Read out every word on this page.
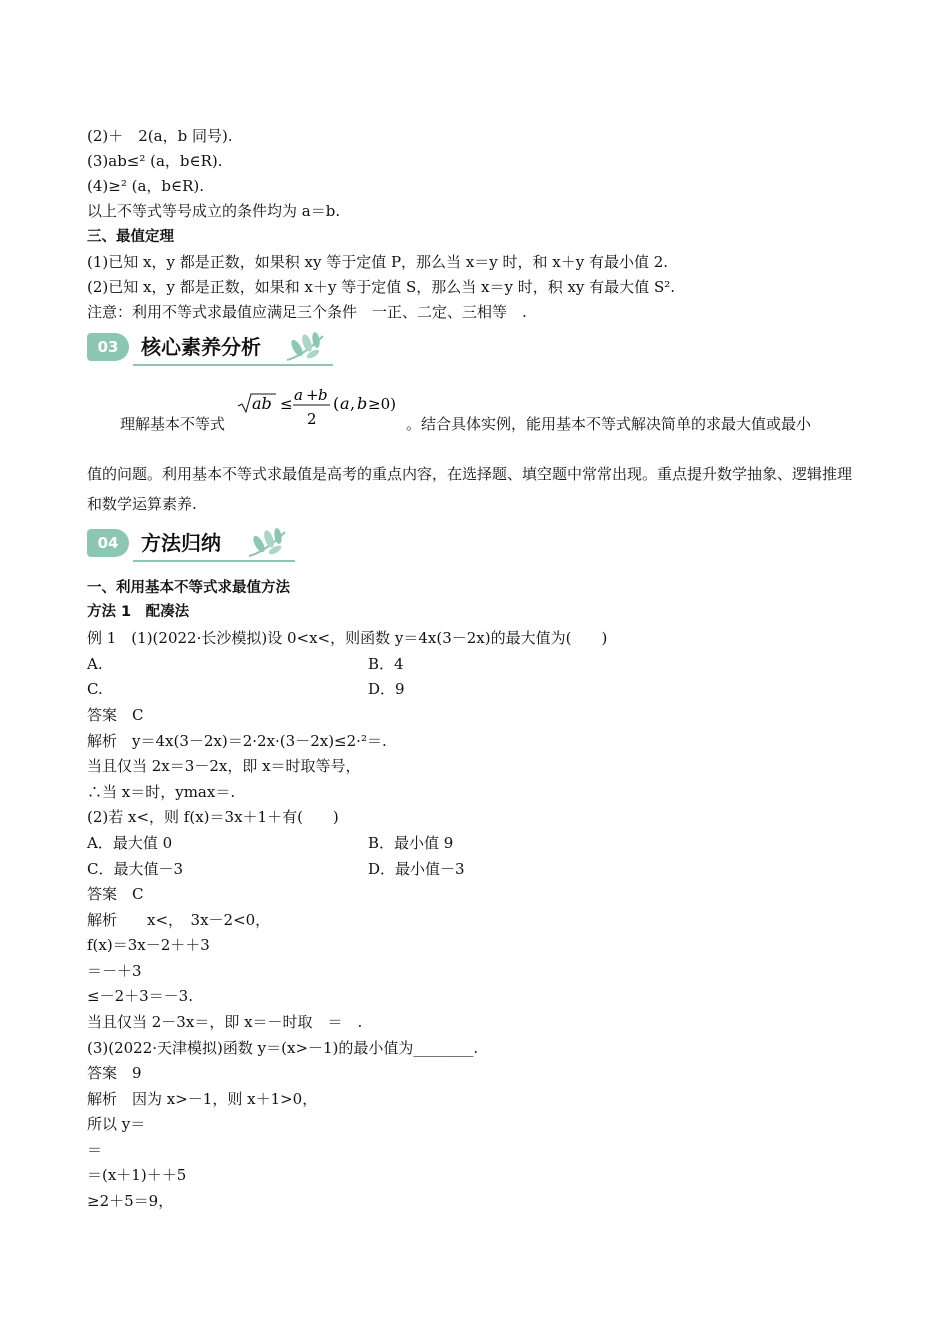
(2)＋　2(a，b 同号).
(3)ab≤² (a，b∈R).
(4)≥² (a，b∈R).
以上不等式等号成立的条件均为 a＝b.
三、最值定理
(1)已知 x，y 都是正数，如果积 xy 等于定值 P，那么当 x＝y 时，和 x＋y 有最小值 2.
(2)已知 x，y 都是正数，如果和 x＋y 等于定值 S，那么当 x＝y 时，积 xy 有最大值 S².
注意：利用不等式求最值应满足三个条件　一正、二定、三相等　.
03	核心素养分析
理解基本不等式
ab ≤ a + b
2
( a , b ≥0)
。结合具体实例，能用基本不等式解决简单的求最大值或最小
值的问题。利用基本不等式求最值是高考的重点内容，在选择题、填空题中常常出现。重点提升数学抽象、逻辑推理和数学运算素养.
04	方法归纳
一、利用基本不等式求最值方法
方法 1　配凑法
例 1　(1)(2022·长沙模拟)设 0<x<，则函数 y＝4x(3－2x)的最大值为(　　)
A.	B．4
C.	D．9
答案　C
解析　y＝4x(3－2x)＝2·2x·(3－2x)≤2·²＝.
当且仅当 2x＝3－2x，即 x＝时取等号，
∴当 x＝时，ymax＝.
(2)若 x<，则 f(x)＝3x＋1＋有(　　)
A．最大值 0	B．最小值 9
C．最大值－3	D．最小值－3
答案　C
解析　　x<，　3x－2<0，
f(x)＝3x－2＋＋3
＝－＋3
≤－2＋3＝－3.
当且仅当 2－3x＝，即 x＝－时取　＝　.
(3)(2022·天津模拟)函数 y＝(x>－1)的最小值为________.
答案　9
解析　因为 x>－1，则 x＋1>0，
所以 y＝
＝
＝(x＋1)＋＋5
≥2＋5＝9，
